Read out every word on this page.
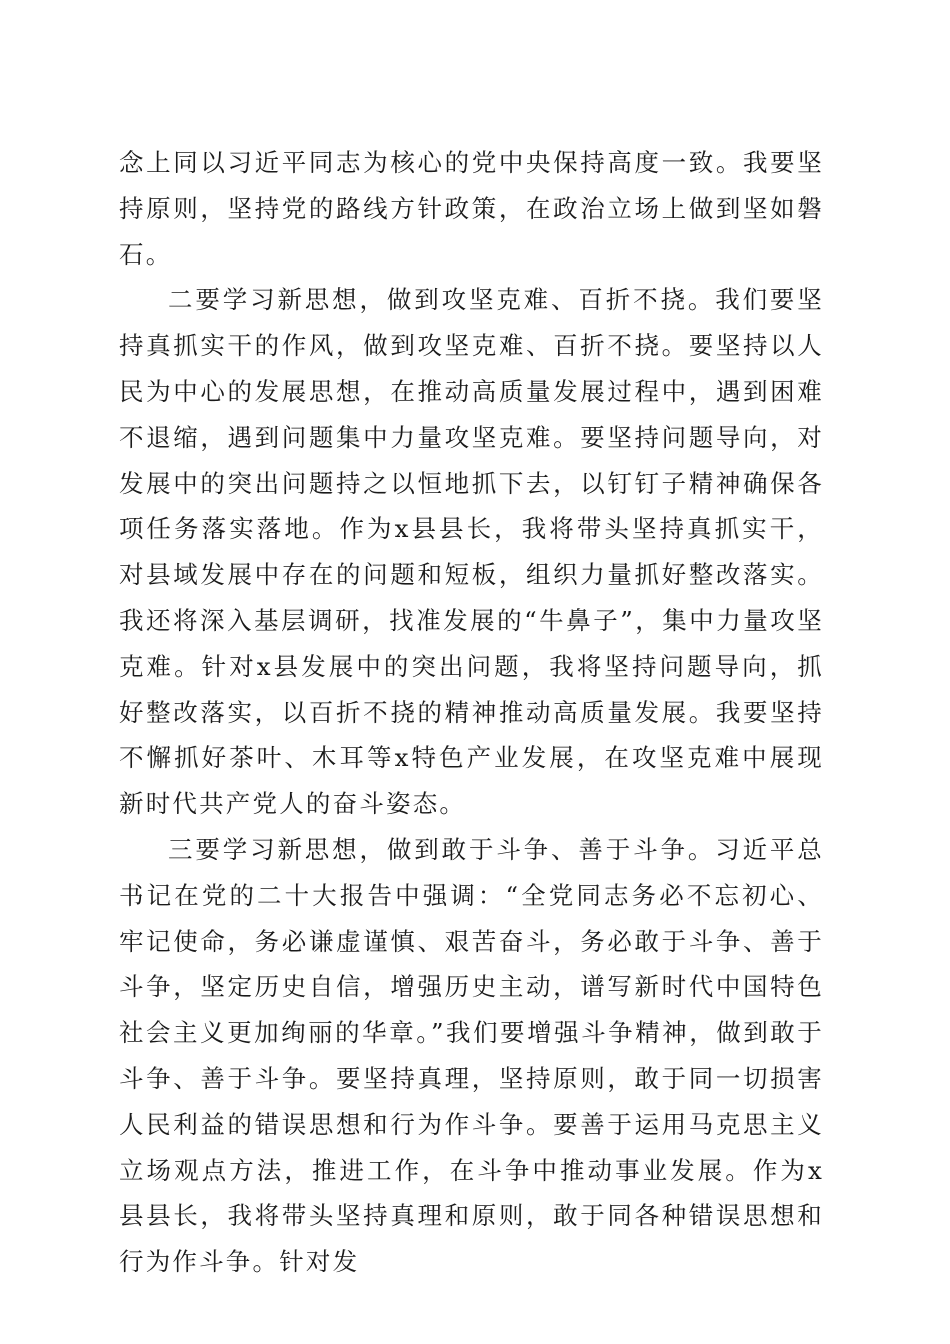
念上同以习近平同志为核心的党中央保持高度一致。我要坚持原则，坚持党的路线方针政策，在政治立场上做到坚如磐石。

二要学习新思想，做到攻坚克难、百折不挠。我们要坚持真抓实干的作风，做到攻坚克难、百折不挠。要坚持以人民为中心的发展思想，在推动高质量发展过程中，遇到困难不退缩，遇到问题集中力量攻坚克难。要坚持问题导向，对发展中的突出问题持之以恒地抓下去，以钉钉子精神确保各项任务落实落地。作为x县县长，我将带头坚持真抓实干，对县域发展中存在的问题和短板，组织力量抓好整改落实。我还将深入基层调研，找准发展的“牛鼻子”，集中力量攻坚克难。针对x县发展中的突出问题，我将坚持问题导向，抓好整改落实，以百折不挠的精神推动高质量发展。我要坚持不懈抓好茶叶、木耳等x特色产业发展，在攻坚克难中展现新时代共产党人的奋斗姿态。

三要学习新思想，做到敢于斗争、善于斗争。习近平总书记在党的二十大报告中强调：“全党同志务必不忘初心、牢记使命，务必谦虚谨慎、艰苦奋斗，务必敢于斗争、善于斗争，坚定历史自信，增强历史主动，谱写新时代中国特色社会主义更加绚丽的华章。”我们要增强斗争精神，做到敢于斗争、善于斗争。要坚持真理，坚持原则，敢于同一切损害人民利益的错误思想和行为作斗争。要善于运用马克思主义立场观点方法，推进工作，在斗争中推动事业发展。作为x县县长，我将带头坚持真理和原则，敢于同各种错误思想和行为作斗争。针对发
